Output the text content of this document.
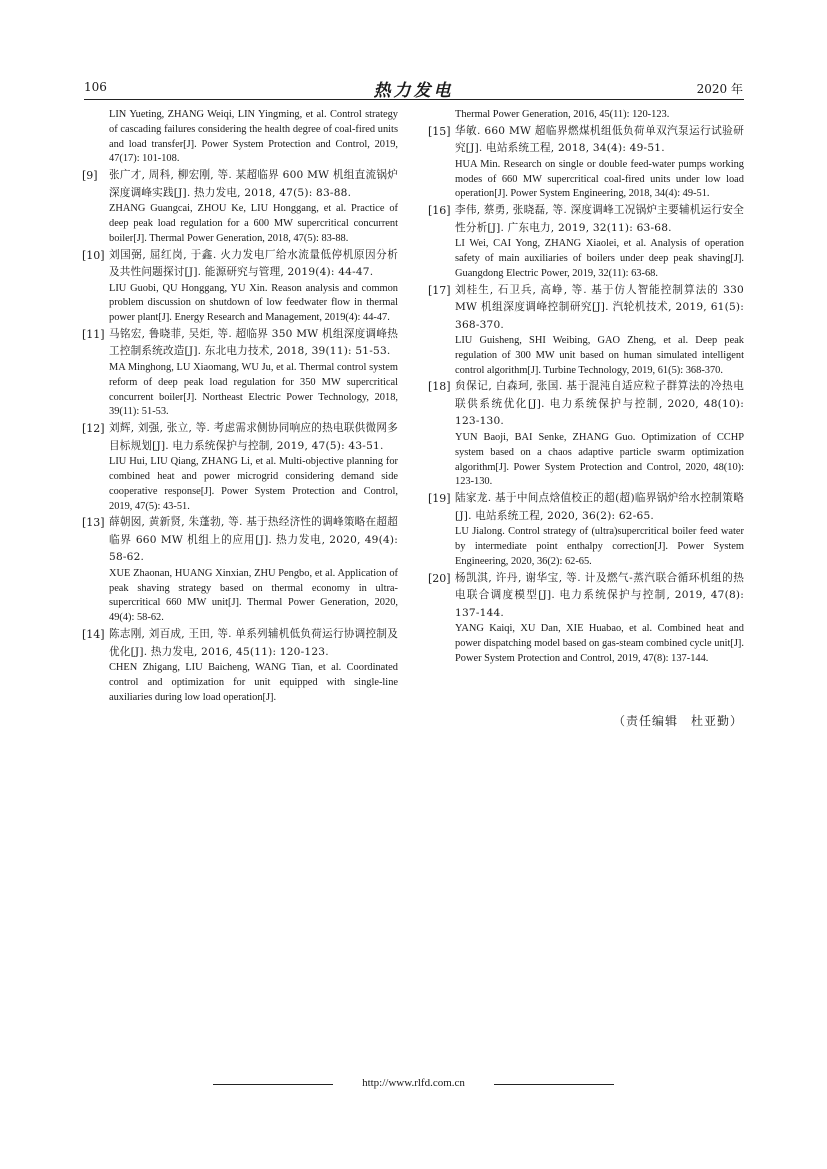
106	热力发电	2020 年
LIN Yueting, ZHANG Weiqi, LIN Yingming, et al. Control strategy of cascading failures considering the health degree of coal-fired units and load transfer[J]. Power System Protection and Control, 2019, 47(17): 101-108.
[9] 张广才, 周科, 柳宏刚, 等. 某超临界 600 MW 机组直流锅炉深度调峰实践[J]. 热力发电, 2018, 47(5): 83-88.
ZHANG Guangcai, ZHOU Ke, LIU Honggang, et al. Practice of deep peak load regulation for a 600 MW supercritical concurrent boiler[J]. Thermal Power Generation, 2018, 47(5): 83-88.
[10] 刘国弼, 屈红岗, 于鑫. 火力发电厂给水流量低停机原因分析及共性问题探讨[J]. 能源研究与管理, 2019(4): 44-47.
LIU Guobi, QU Honggang, YU Xin. Reason analysis and common problem discussion on shutdown of low feedwater flow in thermal power plant[J]. Energy Research and Management, 2019(4): 44-47.
[11] 马铭宏, 鲁晓菲, 吴炬, 等. 超临界 350 MW 机组深度调峰热工控制系统改造[J]. 东北电力技术, 2018, 39(11): 51-53.
MA Minghong, LU Xiaomang, WU Ju, et al. Thermal control system reform of deep peak load regulation for 350 MW supercritical concurrent boiler[J]. Northeast Electric Power Technology, 2018, 39(11): 51-53.
[12] 刘辉, 刘强, 张立, 等. 考虑需求侧协同响应的热电联供微网多目标规划[J]. 电力系统保护与控制, 2019, 47(5): 43-51.
LIU Hui, LIU Qiang, ZHANG Li, et al. Multi-objective planning for combined heat and power microgrid considering demand side cooperative response[J]. Power System Protection and Control, 2019, 47(5): 43-51.
[13] 薛朝囡, 黄新贤, 朱蓬勃, 等. 基于热经济性的调峰策略在超超临界 660 MW 机组上的应用[J]. 热力发电, 2020, 49(4): 58-62.
XUE Zhaonan, HUANG Xinxian, ZHU Pengbo, et al. Application of peak shaving strategy based on thermal economy in ultra-supercritical 660 MW unit[J]. Thermal Power Generation, 2020, 49(4): 58-62.
[14] 陈志刚, 刘百成, 王田, 等. 单系列辅机低负荷运行协调控制及优化[J]. 热力发电, 2016, 45(11): 120-123.
CHEN Zhigang, LIU Baicheng, WANG Tian, et al. Coordinated control and optimization for unit equipped with single-line auxiliaries during low load operation[J].
Thermal Power Generation, 2016, 45(11): 120-123.
[15] 华敏. 660 MW 超临界燃煤机组低负荷单双汽泵运行试验研究[J]. 电站系统工程, 2018, 34(4): 49-51.
HUA Min. Research on single or double feed-water pumps working modes of 660 MW supercritical coal-fired units under low load operation[J]. Power System Engineering, 2018, 34(4): 49-51.
[16] 李伟, 蔡勇, 张晓磊, 等. 深度调峰工况锅炉主要辅机运行安全性分析[J]. 广东电力, 2019, 32(11): 63-68.
LI Wei, CAI Yong, ZHANG Xiaolei, et al. Analysis of operation safety of main auxiliaries of boilers under deep peak shaving[J]. Guangdong Electric Power, 2019, 32(11): 63-68.
[17] 刘桂生, 石卫兵, 高峥, 等. 基于仿人智能控制算法的 330 MW 机组深度调峰控制研究[J]. 汽轮机技术, 2019, 61(5): 368-370.
LIU Guisheng, SHI Weibing, GAO Zheng, et al. Deep peak regulation of 300 MW unit based on human simulated intelligent control algorithm[J]. Turbine Technology, 2019, 61(5): 368-370.
[18] 贠保记, 白森珂, 张国. 基于混沌自适应粒子群算法的冷热电联供系统优化[J]. 电力系统保护与控制, 2020, 48(10): 123-130.
YUN Baoji, BAI Senke, ZHANG Guo. Optimization of CCHP system based on a chaos adaptive particle swarm optimization algorithm[J]. Power System Protection and Control, 2020, 48(10): 123-130.
[19] 陆家龙. 基于中间点焓值校正的超(超)临界锅炉给水控制策略[J]. 电站系统工程, 2020, 36(2): 62-65.
LU Jialong. Control strategy of (ultra)supercritical boiler feed water by intermediate point enthalpy correction[J]. Power System Engineering, 2020, 36(2): 62-65.
[20] 杨凯淇, 许丹, 谢华宝, 等. 计及燃气-蒸汽联合循环机组的热电联合调度模型[J]. 电力系统保护与控制, 2019, 47(8): 137-144.
YANG Kaiqi, XU Dan, XIE Huabao, et al. Combined heat and power dispatching model based on gas-steam combined cycle unit[J]. Power System Protection and Control, 2019, 47(8): 137-144.
（责任编辑　杜亚勤）
http://www.rlfd.com.cn
